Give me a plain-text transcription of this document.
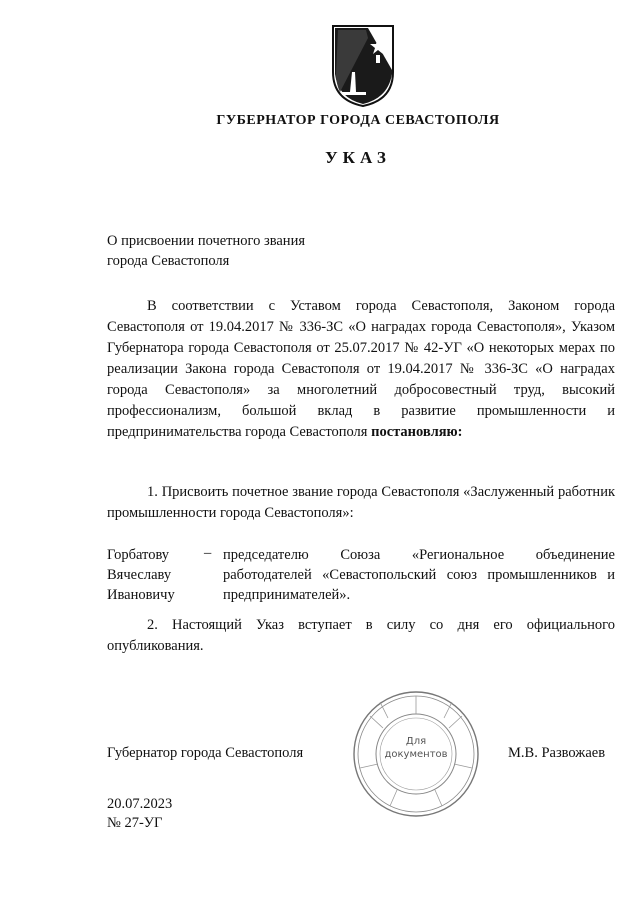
ГУБЕРНАТОР ГОРОДА СЕВАСТОПОЛЯ
УКАЗ
О присвоении почетного звания
города Севастополя
В соответствии с Уставом города Севастополя, Законом города Севастополя от 19.04.2017 № 336-ЗС «О наградах города Севастополя», Указом Губернатора города Севастополя от 25.07.2017 № 42-УГ «О некоторых мерах по реализации Закона города Севастополя от 19.04.2017 № 336-ЗС «О наградах города Севастополя» за многолетний добросовестный труд, высокий профессионализм, большой вклад в развитие промышленности и предпринимательства города Севастополя постановляю:
1. Присвоить почетное звание города Севастополя «Заслуженный работник промышленности города Севастополя»:
Горбатову
Вячеславу
Ивановичу
– председателю Союза «Региональное объединение работодателей «Севастопольский союз промышленников и предпринимателей».
2. Настоящий Указ вступает в силу со дня его официального опубликования.
Для
документов
Губернатор города Севастополя	М.В. Развожаев
20.07.2023
№ 27-УГ
